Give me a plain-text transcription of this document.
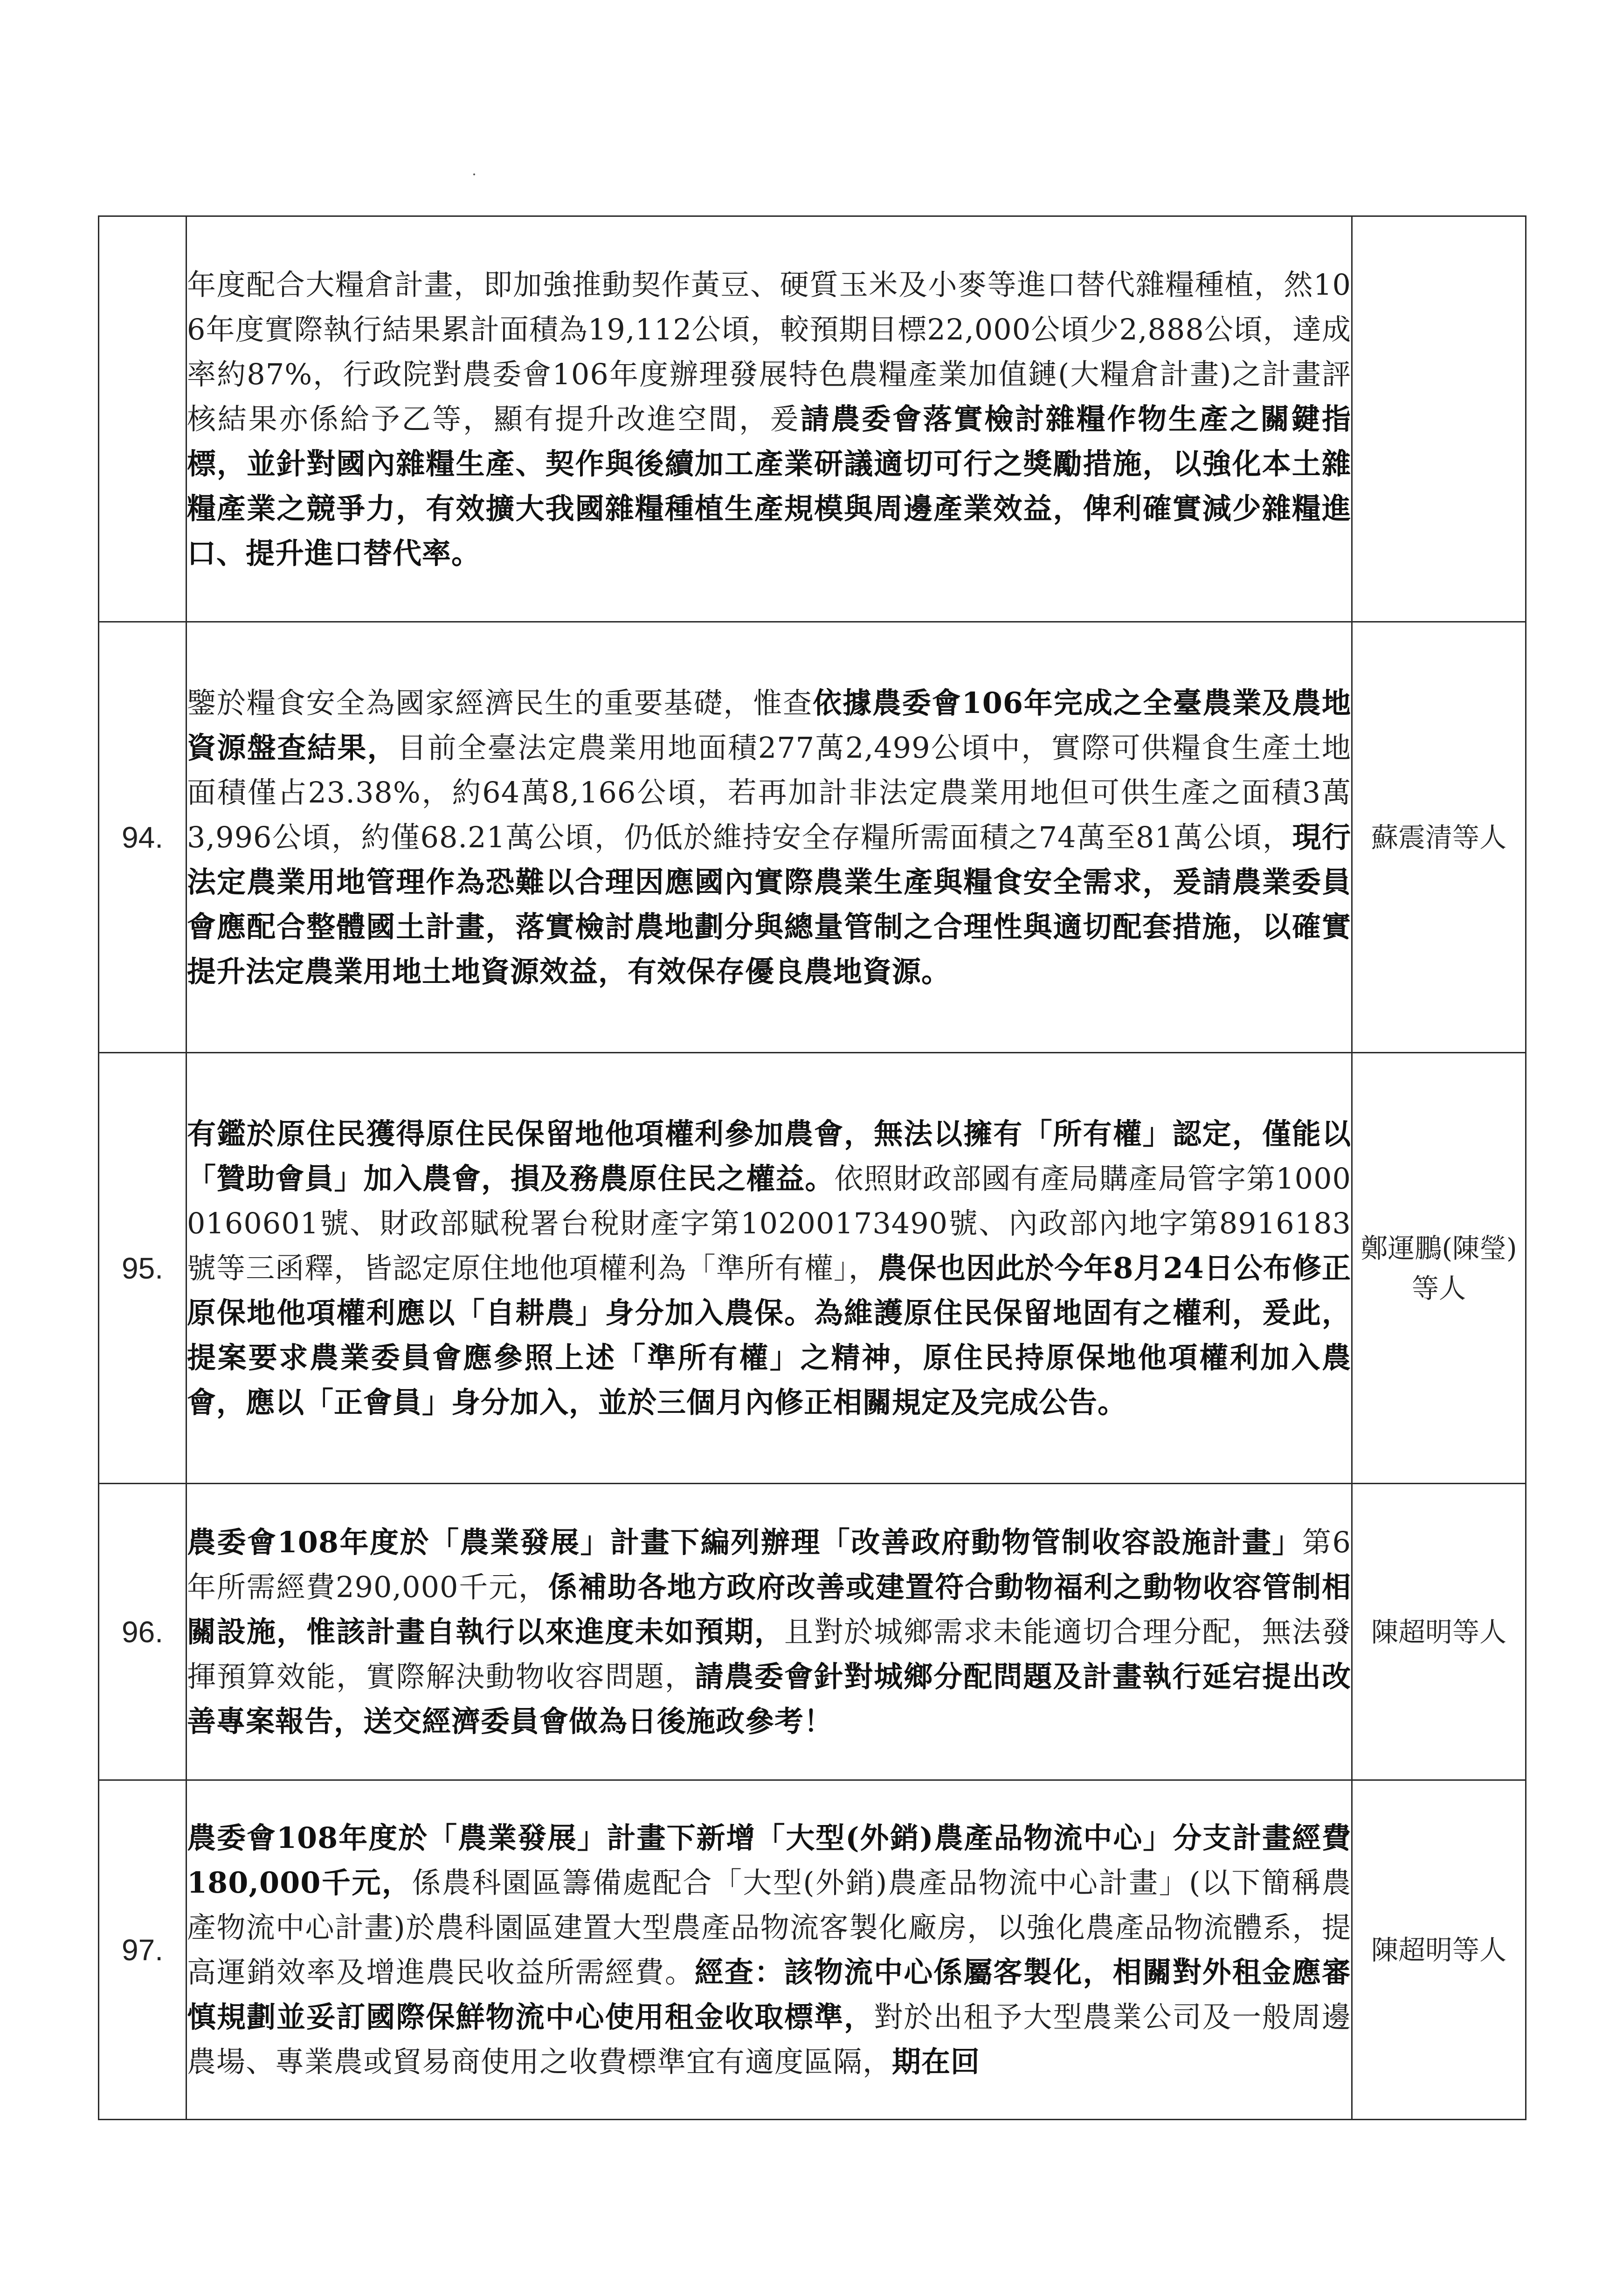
	年度配合大糧倉計畫，即加強推動契作黃豆、硬質玉米及小麥等進口替代雜糧種植，然106年度實際執行結果累計面積為19,112公頃，較預期目標22,000公頃少2,888公頃，達成率約87%，行政院對農委會106年度辦理發展特色農糧產業加值鏈(大糧倉計畫)之計畫評核結果亦係給予乙等，顯有提升改進空間，爰請農委會落實檢討雜糧作物生產之關鍵指標，並針對國內雜糧生產、契作與後續加工產業研議適切可行之獎勵措施，以強化本土雜糧產業之競爭力，有效擴大我國雜糧種植生產規模與周邊產業效益，俾利確實減少雜糧進口、提升進口替代率。	

94.	鑒於糧食安全為國家經濟民生的重要基礎，惟查依據農委會106年完成之全臺農業及農地資源盤查結果，目前全臺法定農業用地面積277萬2,499公頃中，實際可供糧食生產土地面積僅占23.38%，約64萬8,166公頃，若再加計非法定農業用地但可供生產之面積3萬3,996公頃，約僅68.21萬公頃，仍低於維持安全存糧所需面積之74萬至81萬公頃，現行法定農業用地管理作為恐難以合理因應國內實際農業生產與糧食安全需求，爰請農業委員會應配合整體國土計畫，落實檢討農地劃分與總量管制之合理性與適切配套措施，以確實提升法定農業用地土地資源效益，有效保存優良農地資源。	蘇震清等人
95.	有鑑於原住民獲得原住民保留地他項權利參加農會，無法以擁有「所有權」認定，僅能以「贊助會員」加入農會，損及務農原住民之權益。依照財政部國有產局購產局管字第10000160601號、財政部賦稅署台稅財產字第10200173490號、內政部內地字第8916183號等三函釋，皆認定原住地他項權利為「準所有權」，農保也因此於今年8月24日公布修正原保地他項權利應以「自耕農」身分加入農保。為維護原住民保留地固有之權利，爰此，提案要求農業委員會應參照上述「準所有權」之精神，原住民持原保地他項權利加入農會，應以「正會員」身分加入，並於三個月內修正相關規定及完成公告。	鄭運鵬(陳瑩)等人
96.	農委會108年度於「農業發展」計畫下編列辦理「改善政府動物管制收容設施計畫」第6年所需經費290,000千元，係補助各地方政府改善或建置符合動物福利之動物收容管制相關設施，惟該計畫自執行以來進度未如預期，且對於城鄉需求未能適切合理分配，無法發揮預算效能，實際解決動物收容問題，請農委會針對城鄉分配問題及計畫執行延宕提出改善專案報告，送交經濟委員會做為日後施政參考！	陳超明等人
97.	農委會108年度於「農業發展」計畫下新增「大型(外銷)農產品物流中心」分支計畫經費180,000千元，係農科園區籌備處配合「大型(外銷)農產品物流中心計畫」(以下簡稱農產物流中心計畫)於農科園區建置大型農產品物流客製化廠房，以強化農產品物流體系，提高運銷效率及增進農民收益所需經費。經查：該物流中心係屬客製化，相關對外租金應審慎規劃並妥訂國際保鮮物流中心使用租金收取標準，對於出租予大型農業公司及一般周邊農場、專業農或貿易商使用之收費標準宜有適度區隔，期在回	陳超明等人
